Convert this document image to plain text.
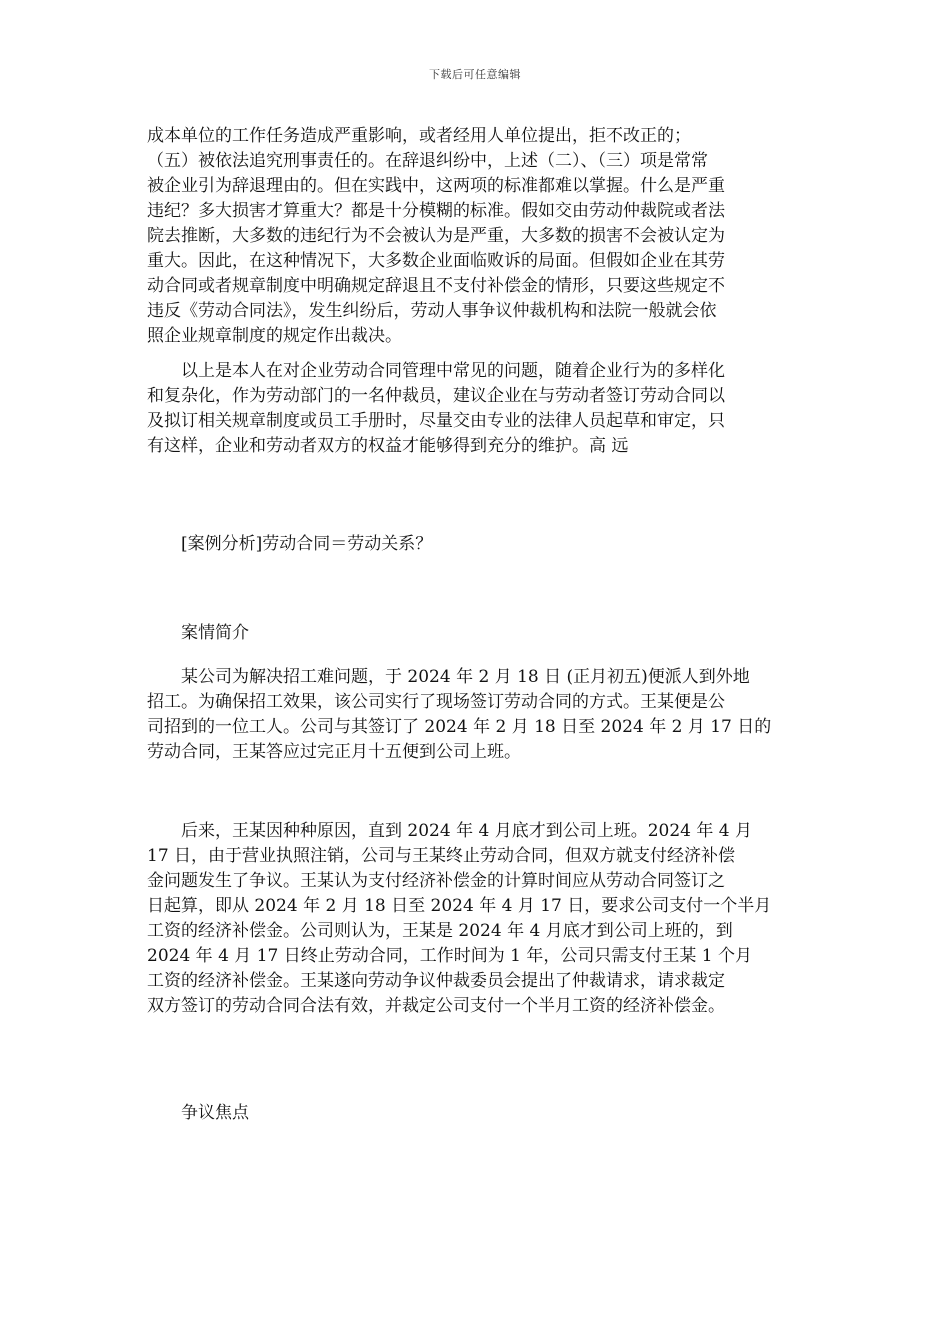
下载后可任意编辑

成本单位的工作任务造成严重影响，或者经用人单位提出，拒不改正的；
（五）被依法追究刑事责任的。在辞退纠纷中，上述（二）、（三）项是常常
被企业引为辞退理由的。但在实践中，这两项的标准都难以掌握。什么是严重
违纪？多大损害才算重大？都是十分模糊的标准。假如交由劳动仲裁院或者法
院去推断，大多数的违纪行为不会被认为是严重，大多数的损害不会被认定为
重大。因此，在这种情况下，大多数企业面临败诉的局面。但假如企业在其劳
动合同或者规章制度中明确规定辞退且不支付补偿金的情形，只要这些规定不
违反《劳动合同法》，发生纠纷后，劳动人事争议仲裁机构和法院一般就会依
照企业规章制度的规定作出裁决。

以上是本人在对企业劳动合同管理中常见的问题，随着企业行为的多样化
和复杂化，作为劳动部门的一名仲裁员，建议企业在与劳动者签订劳动合同以
及拟订相关规章制度或员工手册时，尽量交由专业的法律人员起草和审定，只
有这样，企业和劳动者双方的权益才能够得到充分的维护。高 远

[案例分析]劳动合同＝劳动关系？

案情简介

某公司为解决招工难问题，于 2024 年 2 月 18 日 (正月初五)便派人到外地
招工。为确保招工效果，该公司实行了现场签订劳动合同的方式。王某便是公
司招到的一位工人。公司与其签订了 2024 年 2 月 18 日至 2024 年 2 月 17 日的
劳动合同，王某答应过完正月十五便到公司上班。

后来，王某因种种原因，直到 2024 年 4 月底才到公司上班。2024 年 4 月
17 日，由于营业执照注销，公司与王某终止劳动合同，但双方就支付经济补偿
金问题发生了争议。王某认为支付经济补偿金的计算时间应从劳动合同签订之
日起算，即从 2024 年 2 月 18 日至 2024 年 4 月 17 日，要求公司支付一个半月
工资的经济补偿金。公司则认为，王某是 2024 年 4 月底才到公司上班的，到
2024 年 4 月 17 日终止劳动合同，工作时间为 1 年，公司只需支付王某 1 个月
工资的经济补偿金。王某遂向劳动争议仲裁委员会提出了仲裁请求，请求裁定
双方签订的劳动合同合法有效，并裁定公司支付一个半月工资的经济补偿金。

争议焦点
